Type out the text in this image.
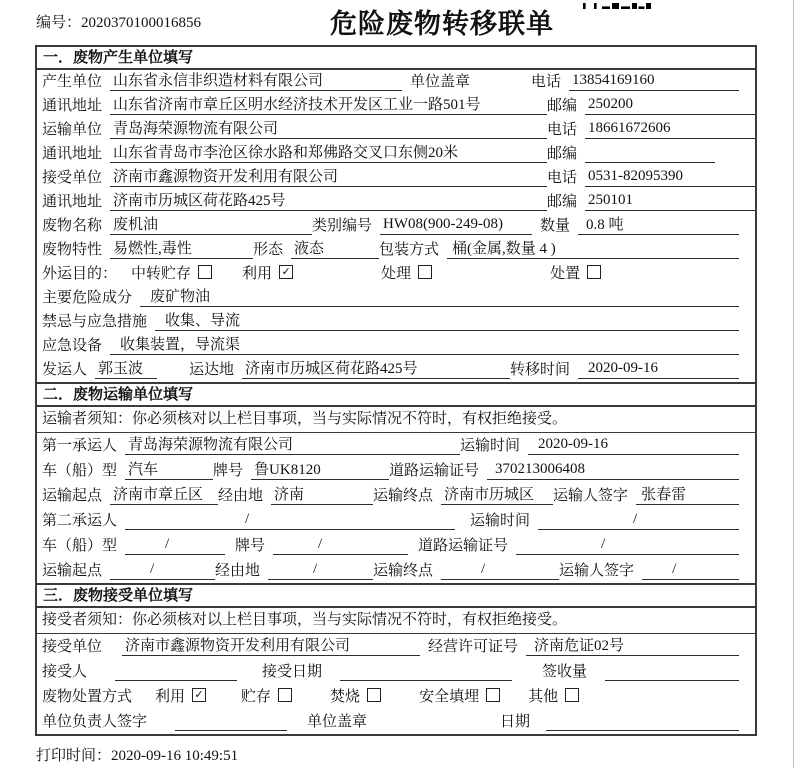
编号：2020370100016856	危险废物转移联单
一．废物产生单位填写
产生单位 山东省永信非织造材料有限公司	单位盖章	电话 13854169160
通讯地址 山东省济南市章丘区明水经济技术开发区工业一路501号	邮编 250200
运输单位 青岛海荣源物流有限公司	电话 18661672606
通讯地址 山东省青岛市李沧区徐水路和郑佛路交叉口东侧20米	邮编
接受单位 济南市鑫源物资开发利用有限公司	电话 0531-82095390
通讯地址 济南市历城区荷花路425号	邮编 250101
废物名称 废机油	类别编号 HW08(900-249-08)	数量	0.8 吨
废物特性 易燃性,毒性	形态 液态	包装方式 桶(金属,数量 4 )
外运目的： 中转贮存	利用 ✓	处理	处置
主要危险成分	废矿物油
禁忌与应急措施	收集、导流
应急设备	收集装置，导流渠
发运人 郭玉波	运达地 济南市历城区荷花路425号	转移时间	2020-09-16
二．废物运输单位填写
运输者须知：你必须核对以上栏目事项，当与实际情况不符时，有权拒绝接受。
第一承运人 青岛海荣源物流有限公司	运输时间	2020-09-16
车（船）型 汽车	牌号 鲁UK8120	道路运输证号	370213006408
运输起点 济南市章丘区 经由地 济南	运输终点 济南市历城区	运输人签字 张春雷
第二承运人	/	运输时间	/
车（船）型	/	牌号	/	道路运输证号	/
运输起点	/	经由地	/	运输终点	/	运输人签字	/
三．废物接受单位填写
接受者须知：你必须核对以上栏目事项，当与实际情况不符时，有权拒绝接受。
接受单位 济南市鑫源物资开发利用有限公司	经营许可证号	济南危证02号
接受人	接受日期	签收量
废物处置方式 利用 ✓ 贮存	焚烧	安全填埋	其他
单位负责人签字	单位盖章	日期
打印时间：2020-09-16 10:49:51
